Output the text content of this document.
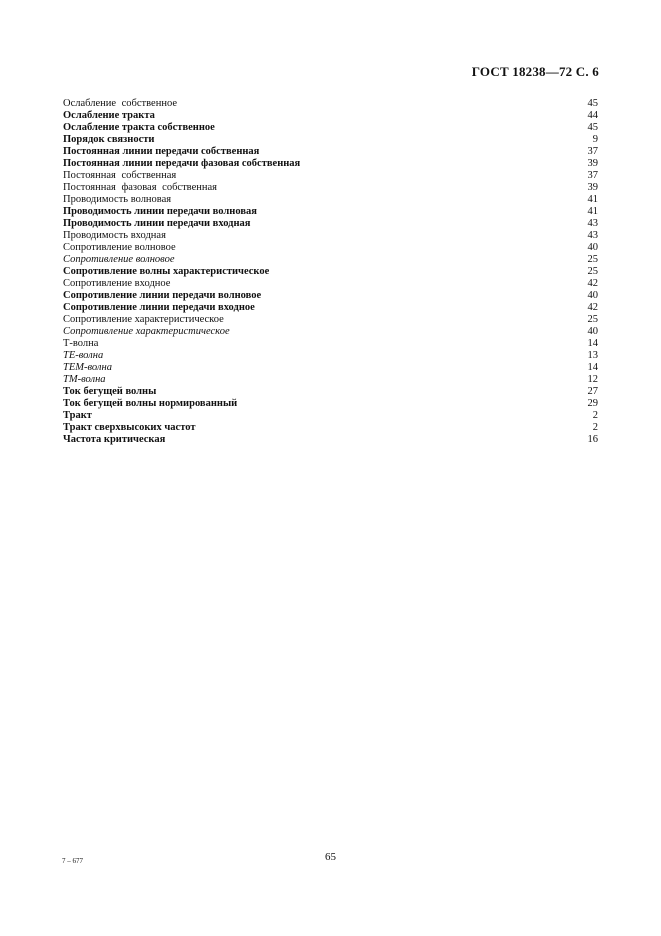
ГОСТ 18238—72 С. 6
Ослабление собственное	45
Ослабление тракта	44
Ослабление тракта собственное	45
Порядок связности	9
Постоянная линии передачи собственная	37
Постоянная линии передачи фазовая собственная	39
Постоянная собственная	37
Постоянная фазовая собственная	39
Проводимость волновая	41
Проводимость линии передачи волновая	41
Проводимость линии передачи входная	43
Проводимость входная	43
Сопротивление волновое	40
Сопротивление волновое	25
Сопротивление волны характеристическое	25
Сопротивление входное	42
Сопротивление линии передачи волновое	40
Сопротивление линии передачи входное	42
Сопротивление характеристическое	25
Сопротивление характеристическое	40
Т-волна	14
ТЕ-волна	13
ТЕМ-волна	14
ТМ-волна	12
Ток бегущей волны	27
Ток бегущей волны нормированный	29
Тракт	2
Тракт сверхвысоких частот	2
Частота критическая	16
7 – 677	65
